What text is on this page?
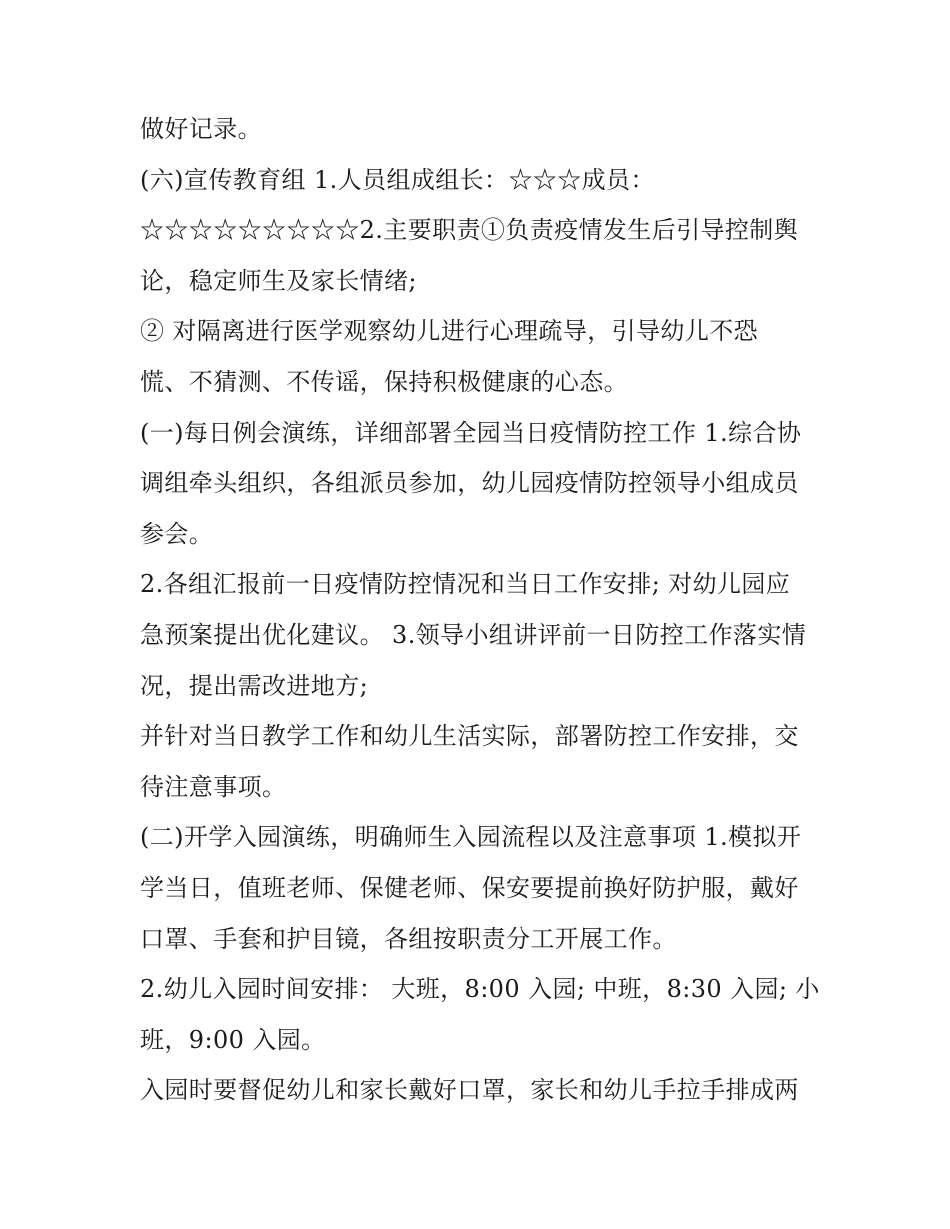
做好记录。
(六)宣传教育组 1.人员组成组长：☆☆☆成员：
☆☆☆☆☆☆☆☆☆2.主要职责①负责疫情发生后引导控制舆
论，稳定师生及家长情绪;
② 对隔离进行医学观察幼儿进行心理疏导，引导幼儿不恐
慌、不猜测、不传谣，保持积极健康的心态。
(一)每日例会演练，详细部署全园当日疫情防控工作 1.综合协
调组牵头组织，各组派员参加，幼儿园疫情防控领导小组成员
参会。
2.各组汇报前一日疫情防控情况和当日工作安排; 对幼儿园应
急预案提出优化建议。 3.领导小组讲评前一日防控工作落实情
况，提出需改进地方;
并针对当日教学工作和幼儿生活实际，部署防控工作安排，交
待注意事项。
(二)开学入园演练，明确师生入园流程以及注意事项 1.模拟开
学当日，值班老师、保健老师、保安要提前换好防护服，戴好
口罩、手套和护目镜，各组按职责分工开展工作。
2.幼儿入园时间安排： 大班，8:00 入园; 中班，8:30 入园; 小
班，9:00 入园。
入园时要督促幼儿和家长戴好口罩，家长和幼儿手拉手排成两
